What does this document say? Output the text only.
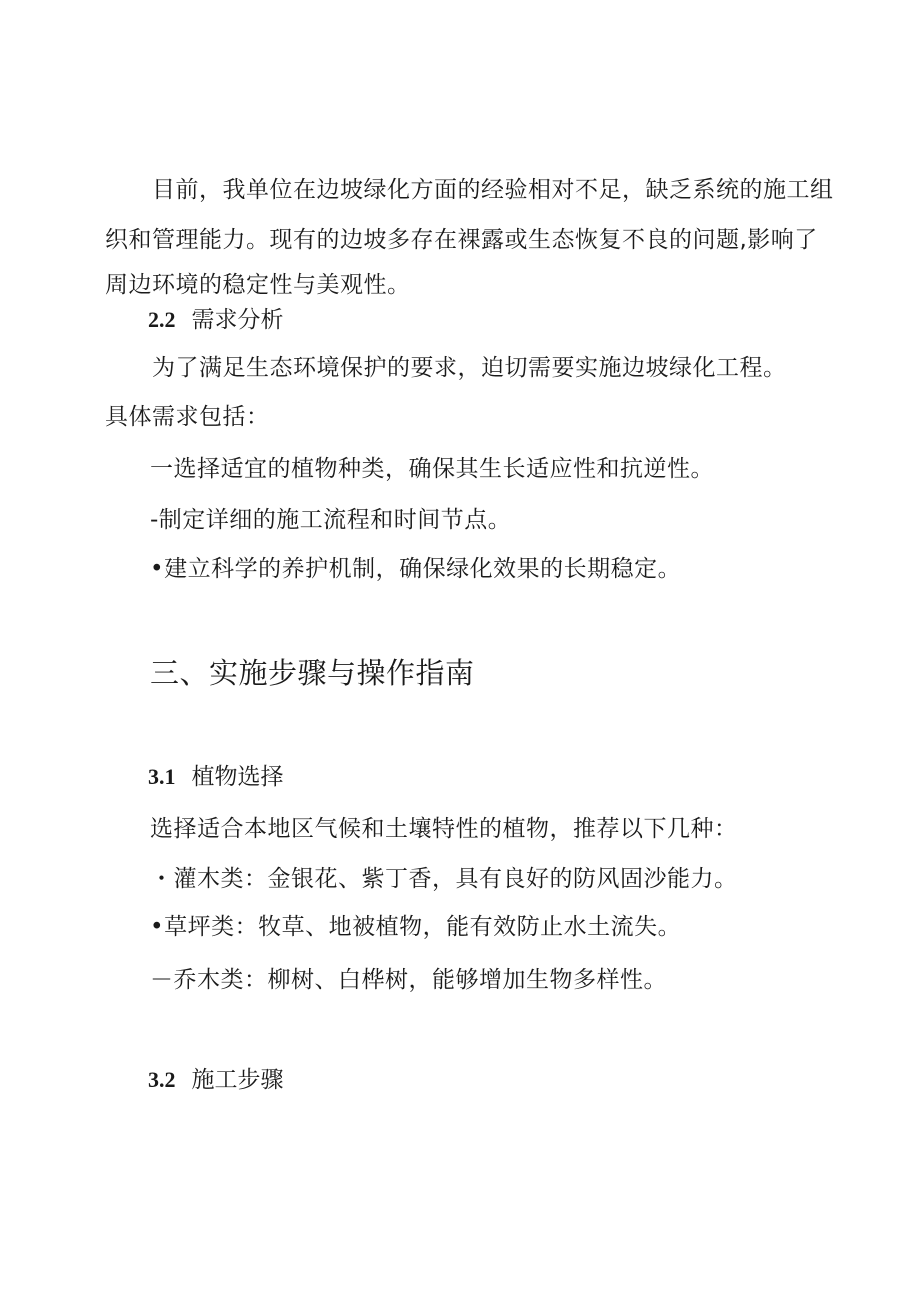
目前，我单位在边坡绿化方面的经验相对不足，缺乏系统的施工组
织和管理能力。现有的边坡多存在裸露或生态恢复不良的问题,影响了
周边环境的稳定性与美观性。
2.2 需求分析
为了满足生态环境保护的要求，迫切需要实施边坡绿化工程。
具体需求包括：
一选择适宜的植物种类，确保其生长适应性和抗逆性。
-制定详细的施工流程和时间节点。
•建立科学的养护机制，确保绿化效果的长期稳定。
三、实施步骤与操作指南
3.1 植物选择
选择适合本地区气候和土壤特性的植物，推荐以下几种：
・灌木类：金银花、紫丁香，具有良好的防风固沙能力。
•草坪类：牧草、地被植物，能有效防止水土流失。
－乔木类：柳树、白桦树，能够增加生物多样性。
3.2 施工步骤
